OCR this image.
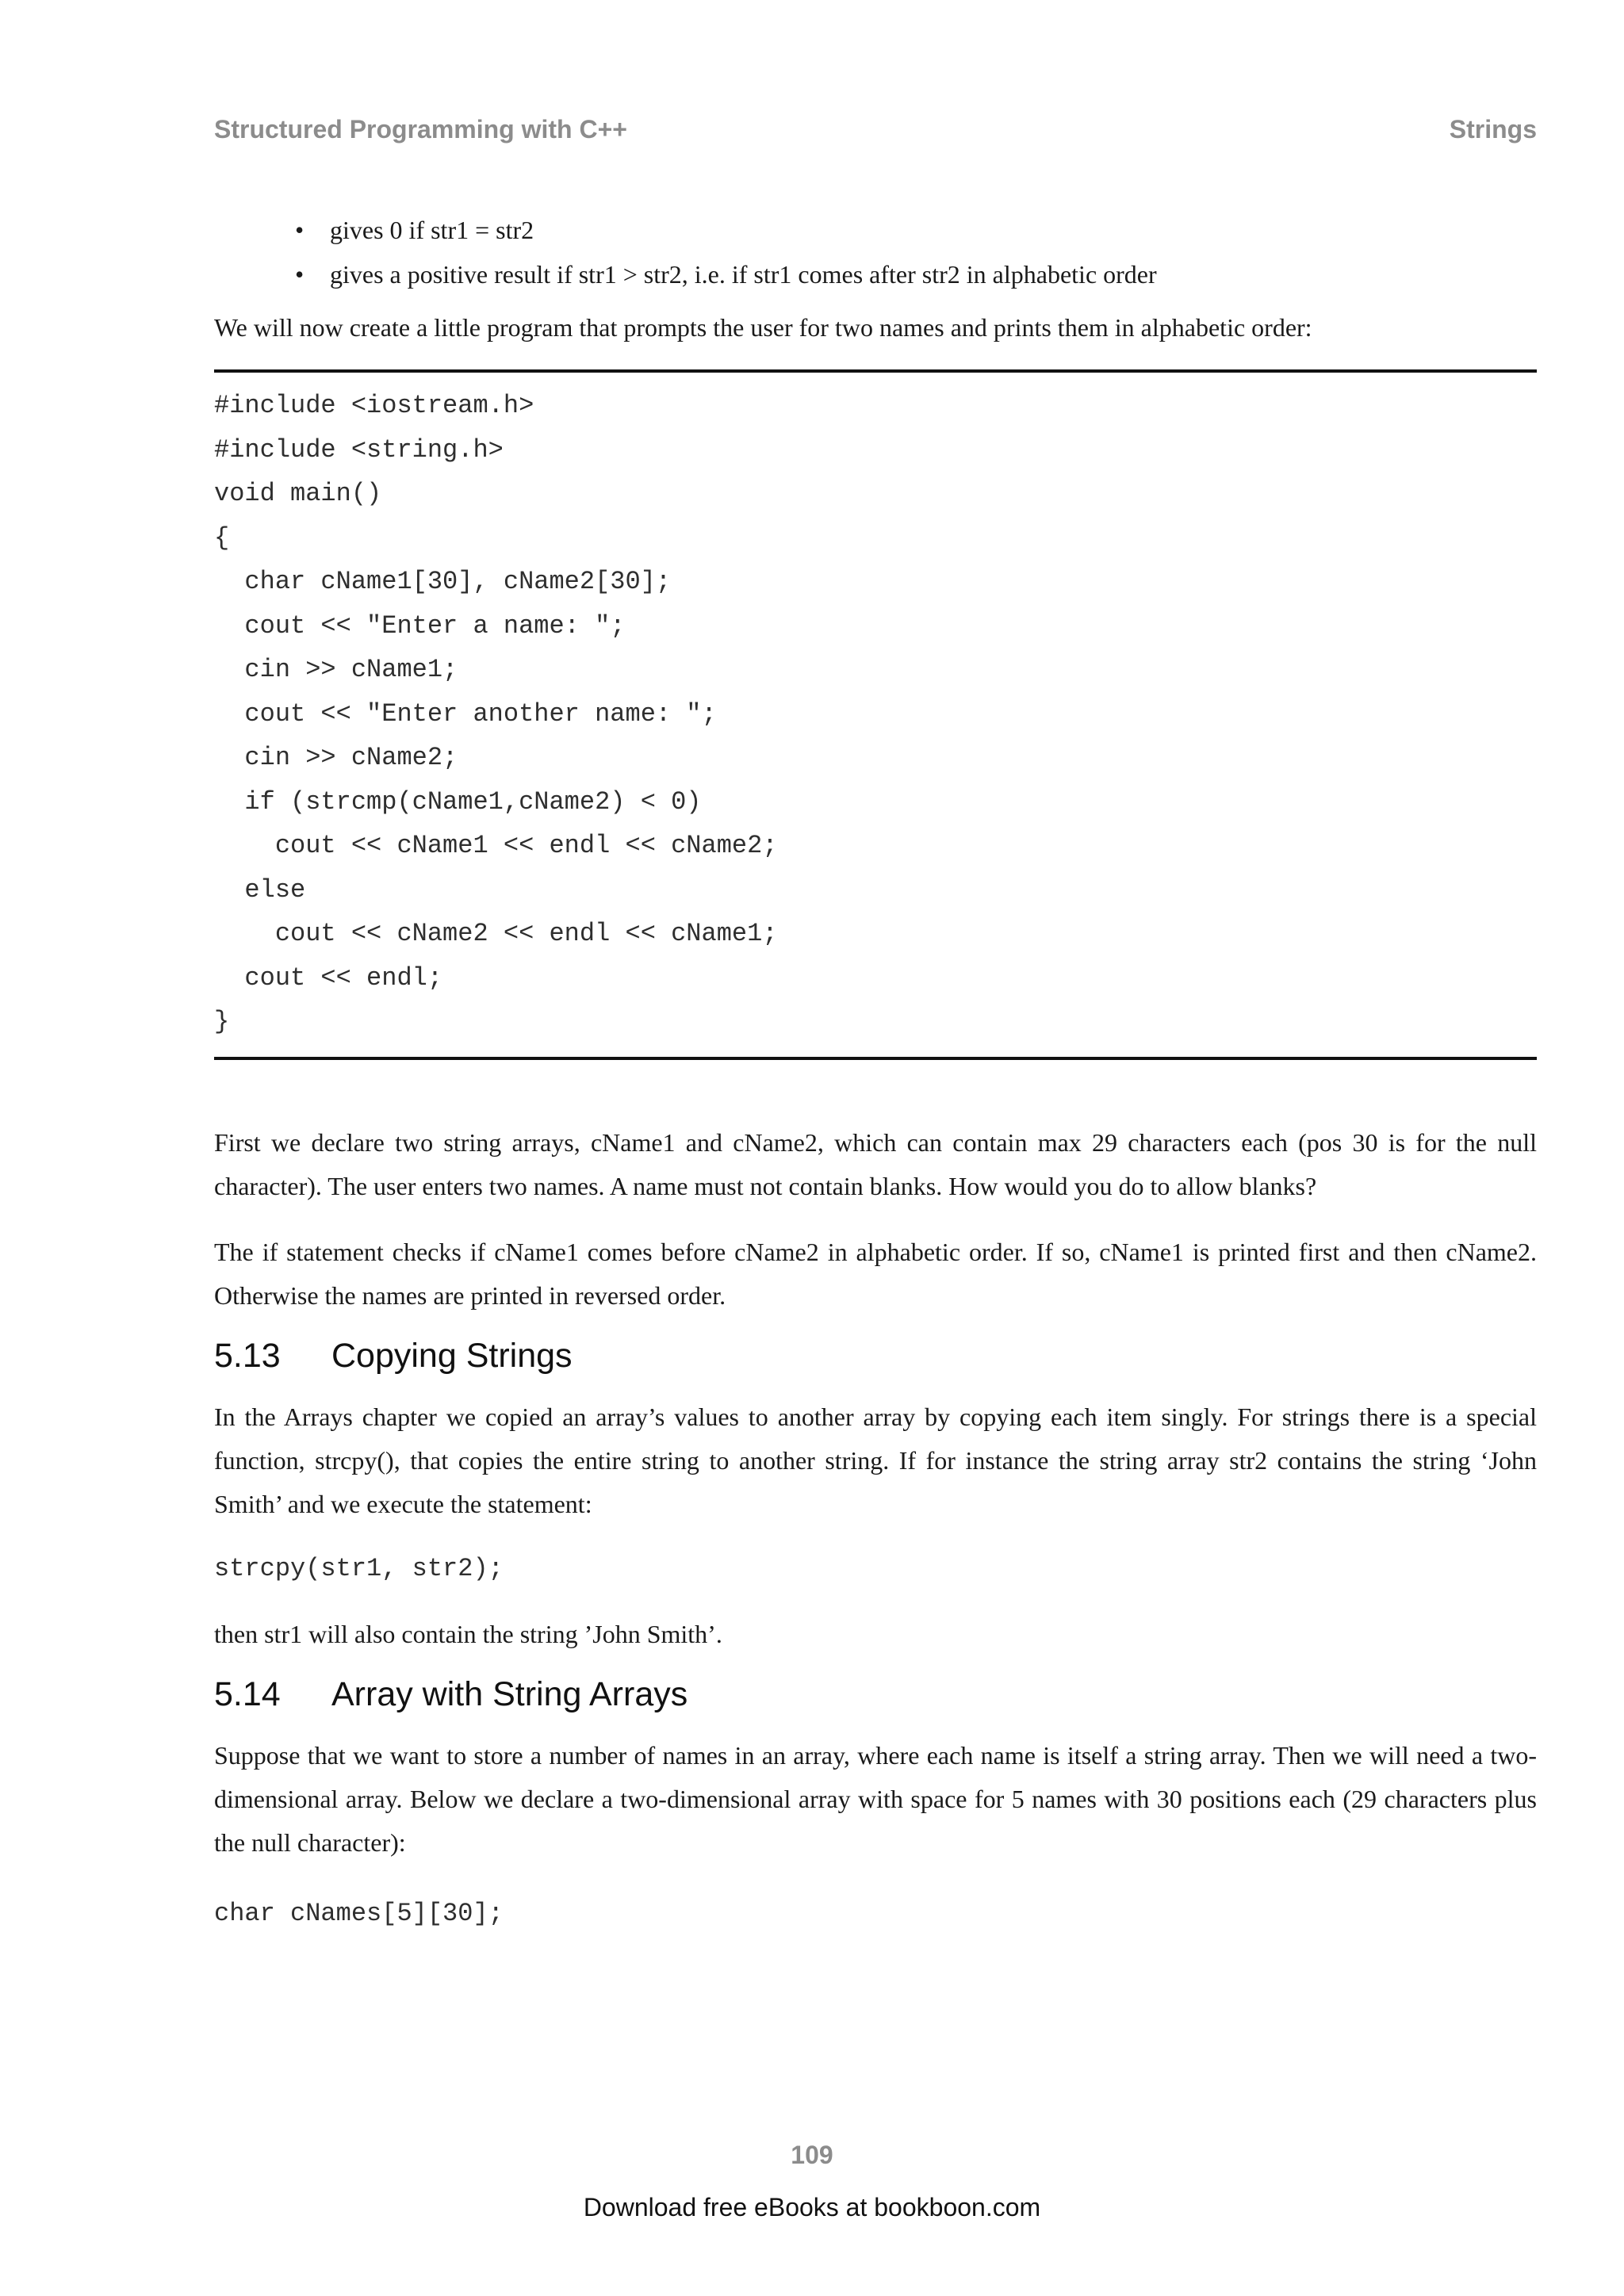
Structured Programming with C++	Strings
• gives 0 if str1 = str2
• gives a positive result if str1 > str2, i.e. if str1 comes after str2 in alphabetic order

We will now create a little program that prompts the user for two names and prints them in alphabetic order:

#include <iostream.h>
#include <string.h>
void main()
{
char cName1[30], cName2[30];
cout << "Enter a name: ";
cin >> cName1;
cout << "Enter another name: ";
cin >> cName2;
if (strcmp(cName1,cName2) < 0)
cout << cName1 << endl << cName2;
else
cout << cName2 << endl << cName1;
cout << endl;
}

First we declare two string arrays, cName1 and cName2, which can contain max 29 characters each (pos 30 is for the null character). The user enters two names. A name must not contain blanks. How would you do to allow blanks?

The if statement checks if cName1 comes before cName2 in alphabetic order. If so, cName1 is printed first and then cName2. Otherwise the names are printed in reversed order.

5.13	Copying Strings

In the Arrays chapter we copied an array’s values to another array by copying each item singly. For strings there is a special function, strcpy(), that copies the entire string to another string. If for instance the string array str2 contains the string ‘John Smith’ and we execute the statement:

strcpy(str1, str2);

then str1 will also contain the string ’John Smith’.

5.14	Array with String Arrays

Suppose that we want to store a number of names in an array, where each name is itself a string array. Then we will need a two-dimensional array. Below we declare a two-dimensional array with space for 5 names with 30 positions each (29 characters plus the null character):

char cNames[5][30];
109
Download free eBooks at bookboon.com
